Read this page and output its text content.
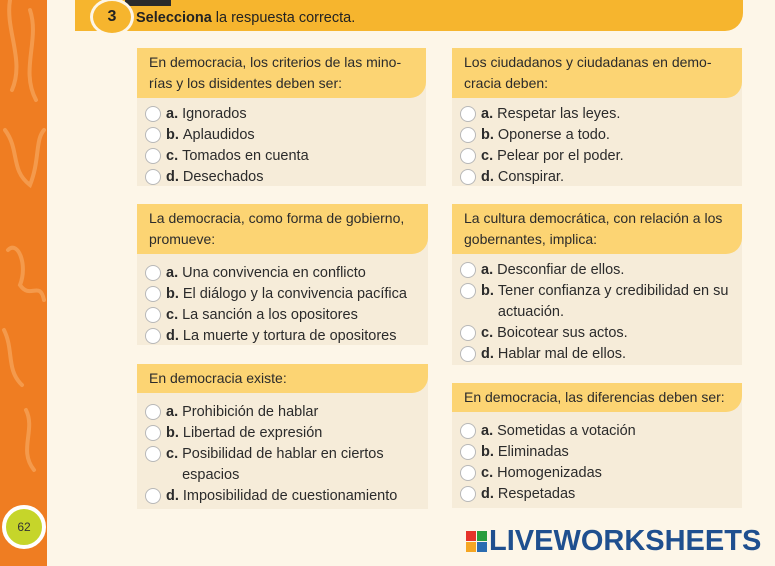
62
3	Selecciona la respuesta correcta.
En democracia, los criterios de las minorías y los disidentes deben ser:
a. Ignorados
b. Aplaudidos
c. Tomados en cuenta
d. Desechados
Los ciudadanos y ciudadanas en democracia deben:
a. Respetar las leyes.
b. Oponerse a todo.
c. Pelear por el poder.
d. Conspirar.
La democracia, como forma de gobierno, promueve:
a. Una convivencia en conflicto
b. El diálogo y la convivencia pacífica
c. La sanción a los opositores
d. La muerte y tortura de opositores
La cultura democrática, con relación a los gobernantes, implica:
a. Desconfiar de ellos.
b. Tener confianza y credibilidad en su actuación.
c. Boicotear sus actos.
d. Hablar mal de ellos.
En democracia existe:
a. Prohibición de hablar
b. Libertad de expresión
c. Posibilidad de hablar en ciertos espacios
d. Imposibilidad de cuestionamiento
En democracia, las diferencias deben ser:
a. Sometidas a votación
b. Eliminadas
c. Homogenizadas
d. Respetadas
LIVEWORKSHEETS
